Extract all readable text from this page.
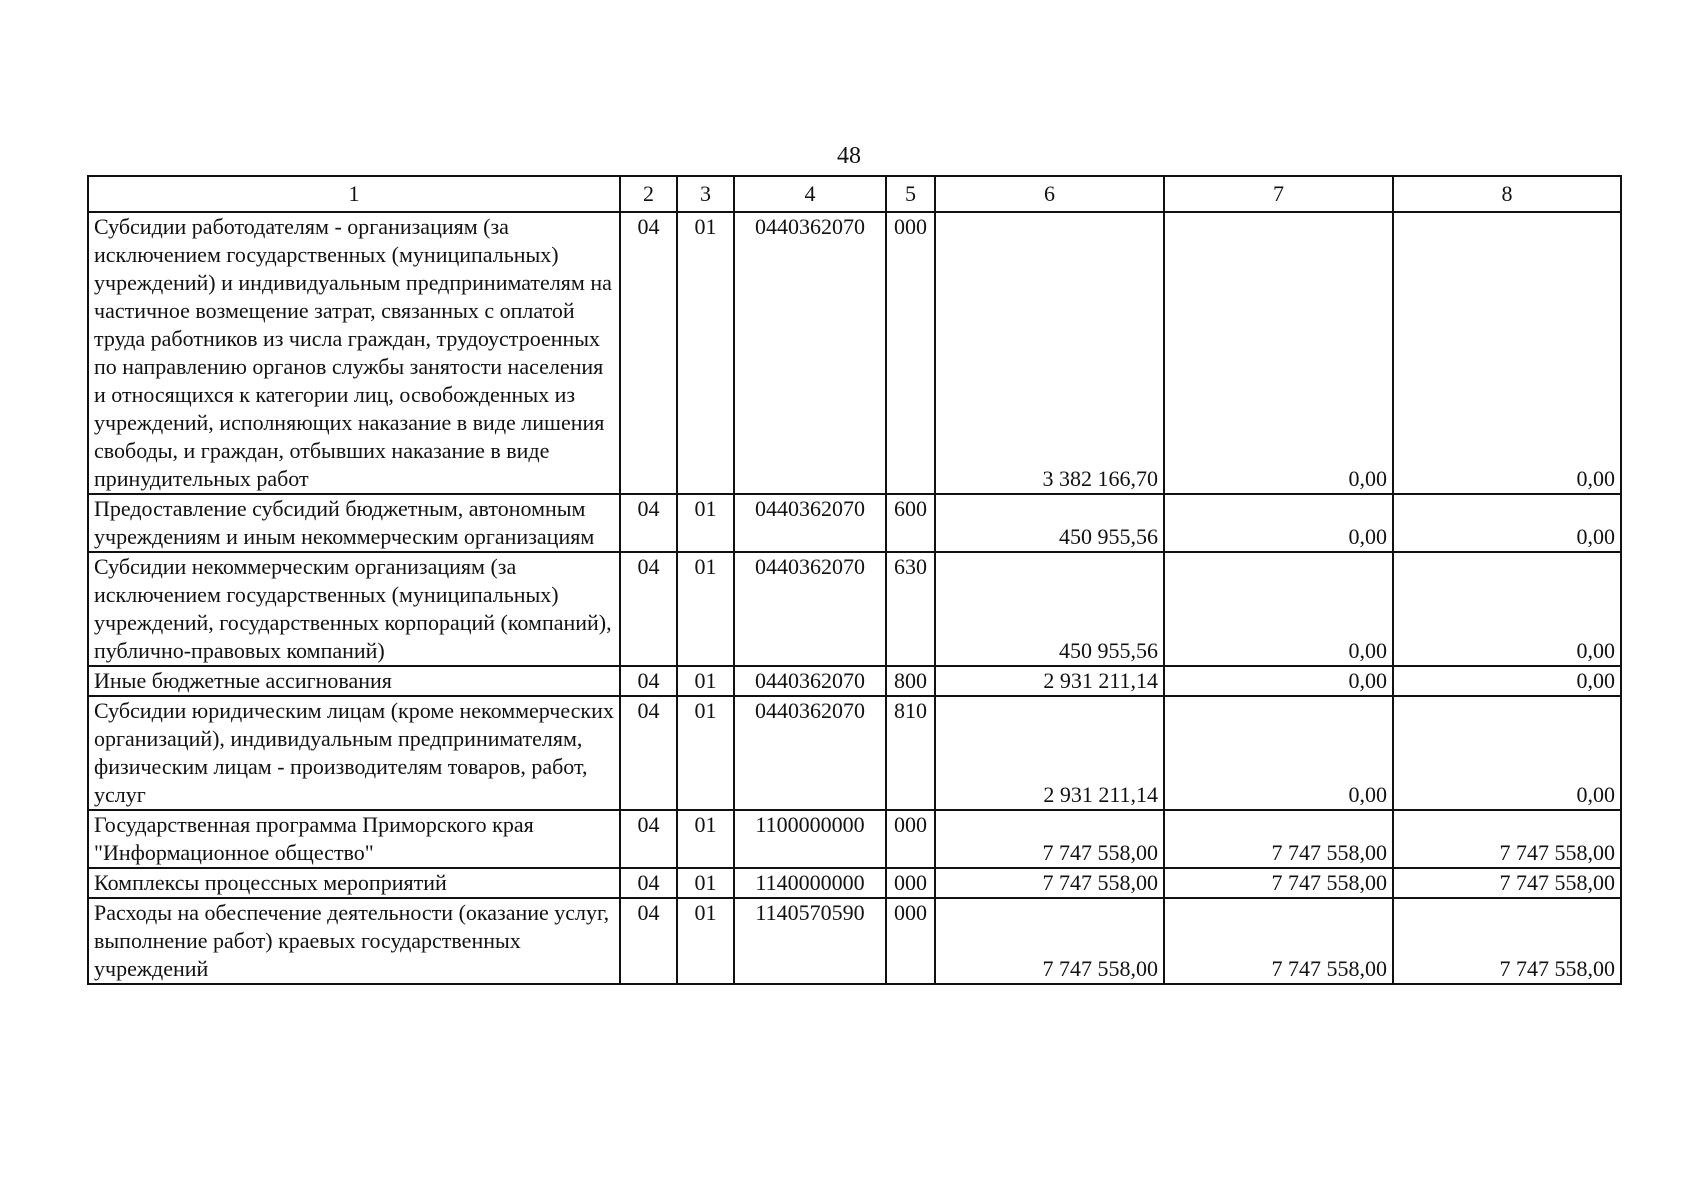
48
1	2	3	4	5	6	7	8
Субсидии работодателям - организациям (за исключением государственных (муниципальных) учреждений) и индивидуальным предпринимателям на частичное возмещение затрат, связанных с оплатой труда работников из числа граждан, трудоустроенных по направлению органов службы занятости населения и относящихся к категории лиц, освобожденных из учреждений, исполняющих наказание в виде лишения свободы, и граждан, отбывших наказание в виде принудительных работ	04	01	0440362070	000	3 382 166,70	0,00	0,00
Предоставление субсидий бюджетным, автономным учреждениям и иным некоммерческим организациям	04	01	0440362070	600	450 955,56	0,00	0,00
Субсидии некоммерческим организациям (за исключением государственных (муниципальных) учреждений, государственных корпораций (компаний), публично-правовых компаний)	04	01	0440362070	630	450 955,56	0,00	0,00
Иные бюджетные ассигнования	04	01	0440362070	800	2 931 211,14	0,00	0,00
Субсидии юридическим лицам (кроме некоммерческих организаций), индивидуальным предпринимателям, физическим лицам - производителям товаров, работ, услуг	04	01	0440362070	810	2 931 211,14	0,00	0,00
Государственная программа Приморского края "Информационное общество"	04	01	1100000000	000	7 747 558,00	7 747 558,00	7 747 558,00
Комплексы процессных мероприятий	04	01	1140000000	000	7 747 558,00	7 747 558,00	7 747 558,00
Расходы на обеспечение деятельности (оказание услуг, выполнение работ) краевых государственных учреждений	04	01	1140570590	000	7 747 558,00	7 747 558,00	7 747 558,00
